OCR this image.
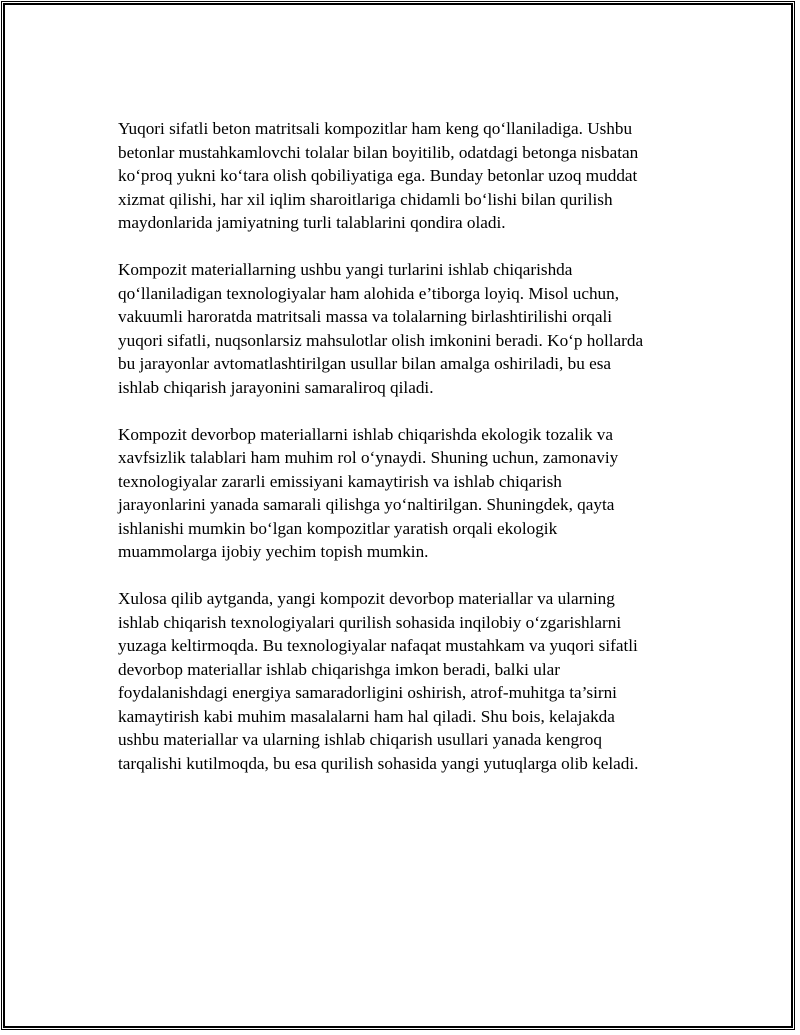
Yuqori sifatli beton matritsali kompozitlar ham keng qo‘llaniladiga. Ushbu
betonlar mustahkamlovchi tolalar bilan boyitilib, odatdagi betonga nisbatan
ko‘proq yukni ko‘tara olish qobiliyatiga ega. Bunday betonlar uzoq muddat
xizmat qilishi, har xil iqlim sharoitlariga chidamli bo‘lishi bilan qurilish
maydonlarida jamiyatning turli talablarini qondira oladi.

Kompozit materiallarning ushbu yangi turlarini ishlab chiqarishda
qo‘llaniladigan texnologiyalar ham alohida e’tiborga loyiq. Misol uchun,
vakuumli haroratda matritsali massa va tolalarning birlashtirilishi orqali
yuqori sifatli, nuqsonlarsiz mahsulotlar olish imkonini beradi. Ko‘p hollarda
bu jarayonlar avtomatlashtirilgan usullar bilan amalga oshiriladi, bu esa
ishlab chiqarish jarayonini samaraliroq qiladi.

Kompozit devorbop materiallarni ishlab chiqarishda ekologik tozalik va
xavfsizlik talablari ham muhim rol o‘ynaydi. Shuning uchun, zamonaviy
texnologiyalar zararli emissiyani kamaytirish va ishlab chiqarish
jarayonlarini yanada samarali qilishga yo‘naltirilgan. Shuningdek, qayta
ishlanishi mumkin bo‘lgan kompozitlar yaratish orqali ekologik
muammolarga ijobiy yechim topish mumkin.

Xulosa qilib aytganda, yangi kompozit devorbop materiallar va ularning
ishlab chiqarish texnologiyalari qurilish sohasida inqilobiy o‘zgarishlarni
yuzaga keltirmoqda. Bu texnologiyalar nafaqat mustahkam va yuqori sifatli
devorbop materiallar ishlab chiqarishga imkon beradi, balki ular
foydalanishdagi energiya samaradorligini oshirish, atrof-muhitga ta’sirni
kamaytirish kabi muhim masalalarni ham hal qiladi. Shu bois, kelajakda
ushbu materiallar va ularning ishlab chiqarish usullari yanada kengroq
tarqalishi kutilmoqda, bu esa qurilish sohasida yangi yutuqlarga olib keladi.
